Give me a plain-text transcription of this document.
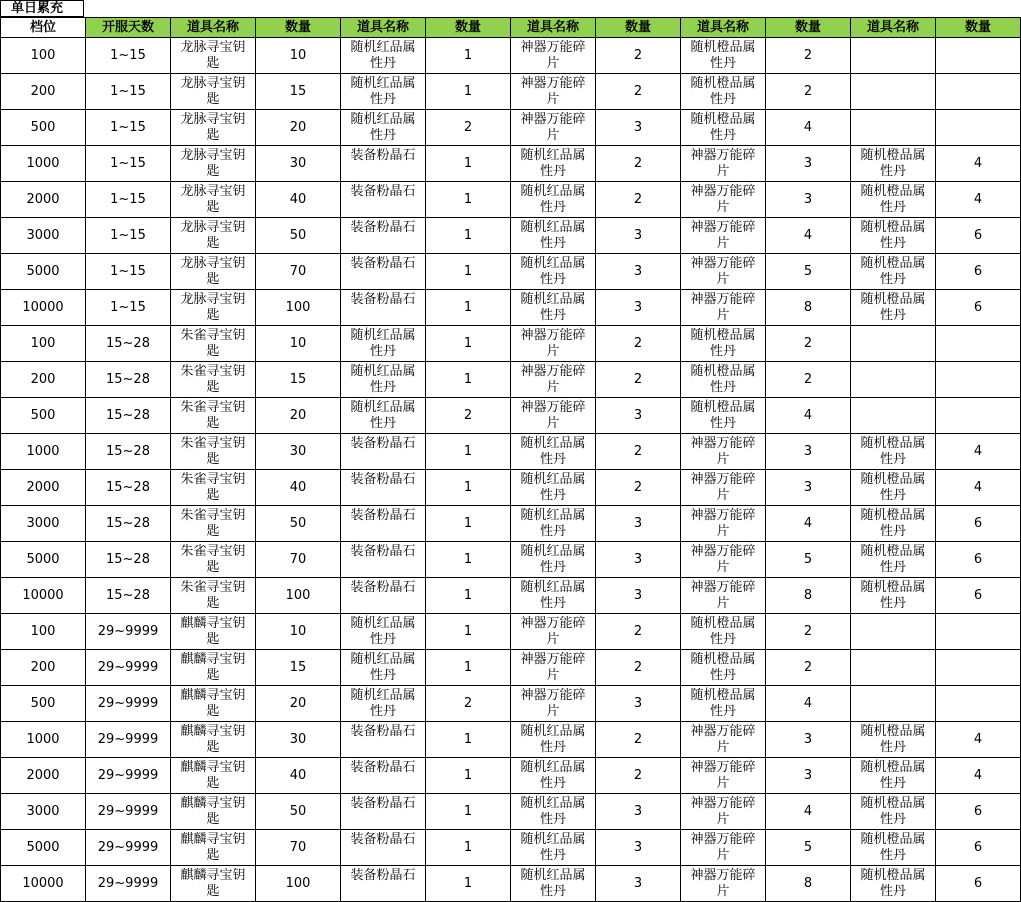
单日累充
档位	开服天数	道具名称	数量	道具名称	数量	道具名称	数量	道具名称	数量	道具名称	数量
100	1~15	龙脉寻宝钥匙	10	随机红品属性丹	1	神器万能碎片	2	随机橙品属性丹	2	

200	1~15	龙脉寻宝钥匙	15	随机红品属性丹	1	神器万能碎片	2	随机橙品属性丹	2	

500	1~15	龙脉寻宝钥匙	20	随机红品属性丹	2	神器万能碎片	3	随机橙品属性丹	4	

1000	1~15	龙脉寻宝钥匙	30	装备粉晶石	1	随机红品属性丹	2	神器万能碎片	3	随机橙品属性丹	4
2000	1~15	龙脉寻宝钥匙	40	装备粉晶石	1	随机红品属性丹	2	神器万能碎片	3	随机橙品属性丹	4
3000	1~15	龙脉寻宝钥匙	50	装备粉晶石	1	随机红品属性丹	3	神器万能碎片	4	随机橙品属性丹	6
5000	1~15	龙脉寻宝钥匙	70	装备粉晶石	1	随机红品属性丹	3	神器万能碎片	5	随机橙品属性丹	6
10000	1~15	龙脉寻宝钥匙	100	装备粉晶石	1	随机红品属性丹	3	神器万能碎片	8	随机橙品属性丹	6
100	15~28	朱雀寻宝钥匙	10	随机红品属性丹	1	神器万能碎片	2	随机橙品属性丹	2	

200	15~28	朱雀寻宝钥匙	15	随机红品属性丹	1	神器万能碎片	2	随机橙品属性丹	2	

500	15~28	朱雀寻宝钥匙	20	随机红品属性丹	2	神器万能碎片	3	随机橙品属性丹	4	

1000	15~28	朱雀寻宝钥匙	30	装备粉晶石	1	随机红品属性丹	2	神器万能碎片	3	随机橙品属性丹	4
2000	15~28	朱雀寻宝钥匙	40	装备粉晶石	1	随机红品属性丹	2	神器万能碎片	3	随机橙品属性丹	4
3000	15~28	朱雀寻宝钥匙	50	装备粉晶石	1	随机红品属性丹	3	神器万能碎片	4	随机橙品属性丹	6
5000	15~28	朱雀寻宝钥匙	70	装备粉晶石	1	随机红品属性丹	3	神器万能碎片	5	随机橙品属性丹	6
10000	15~28	朱雀寻宝钥匙	100	装备粉晶石	1	随机红品属性丹	3	神器万能碎片	8	随机橙品属性丹	6
100	29~9999	麒麟寻宝钥匙	10	随机红品属性丹	1	神器万能碎片	2	随机橙品属性丹	2	

200	29~9999	麒麟寻宝钥匙	15	随机红品属性丹	1	神器万能碎片	2	随机橙品属性丹	2	

500	29~9999	麒麟寻宝钥匙	20	随机红品属性丹	2	神器万能碎片	3	随机橙品属性丹	4	

1000	29~9999	麒麟寻宝钥匙	30	装备粉晶石	1	随机红品属性丹	2	神器万能碎片	3	随机橙品属性丹	4
2000	29~9999	麒麟寻宝钥匙	40	装备粉晶石	1	随机红品属性丹	2	神器万能碎片	3	随机橙品属性丹	4
3000	29~9999	麒麟寻宝钥匙	50	装备粉晶石	1	随机红品属性丹	3	神器万能碎片	4	随机橙品属性丹	6
5000	29~9999	麒麟寻宝钥匙	70	装备粉晶石	1	随机红品属性丹	3	神器万能碎片	5	随机橙品属性丹	6
10000	29~9999	麒麟寻宝钥匙	100	装备粉晶石	1	随机红品属性丹	3	神器万能碎片	8	随机橙品属性丹	6
